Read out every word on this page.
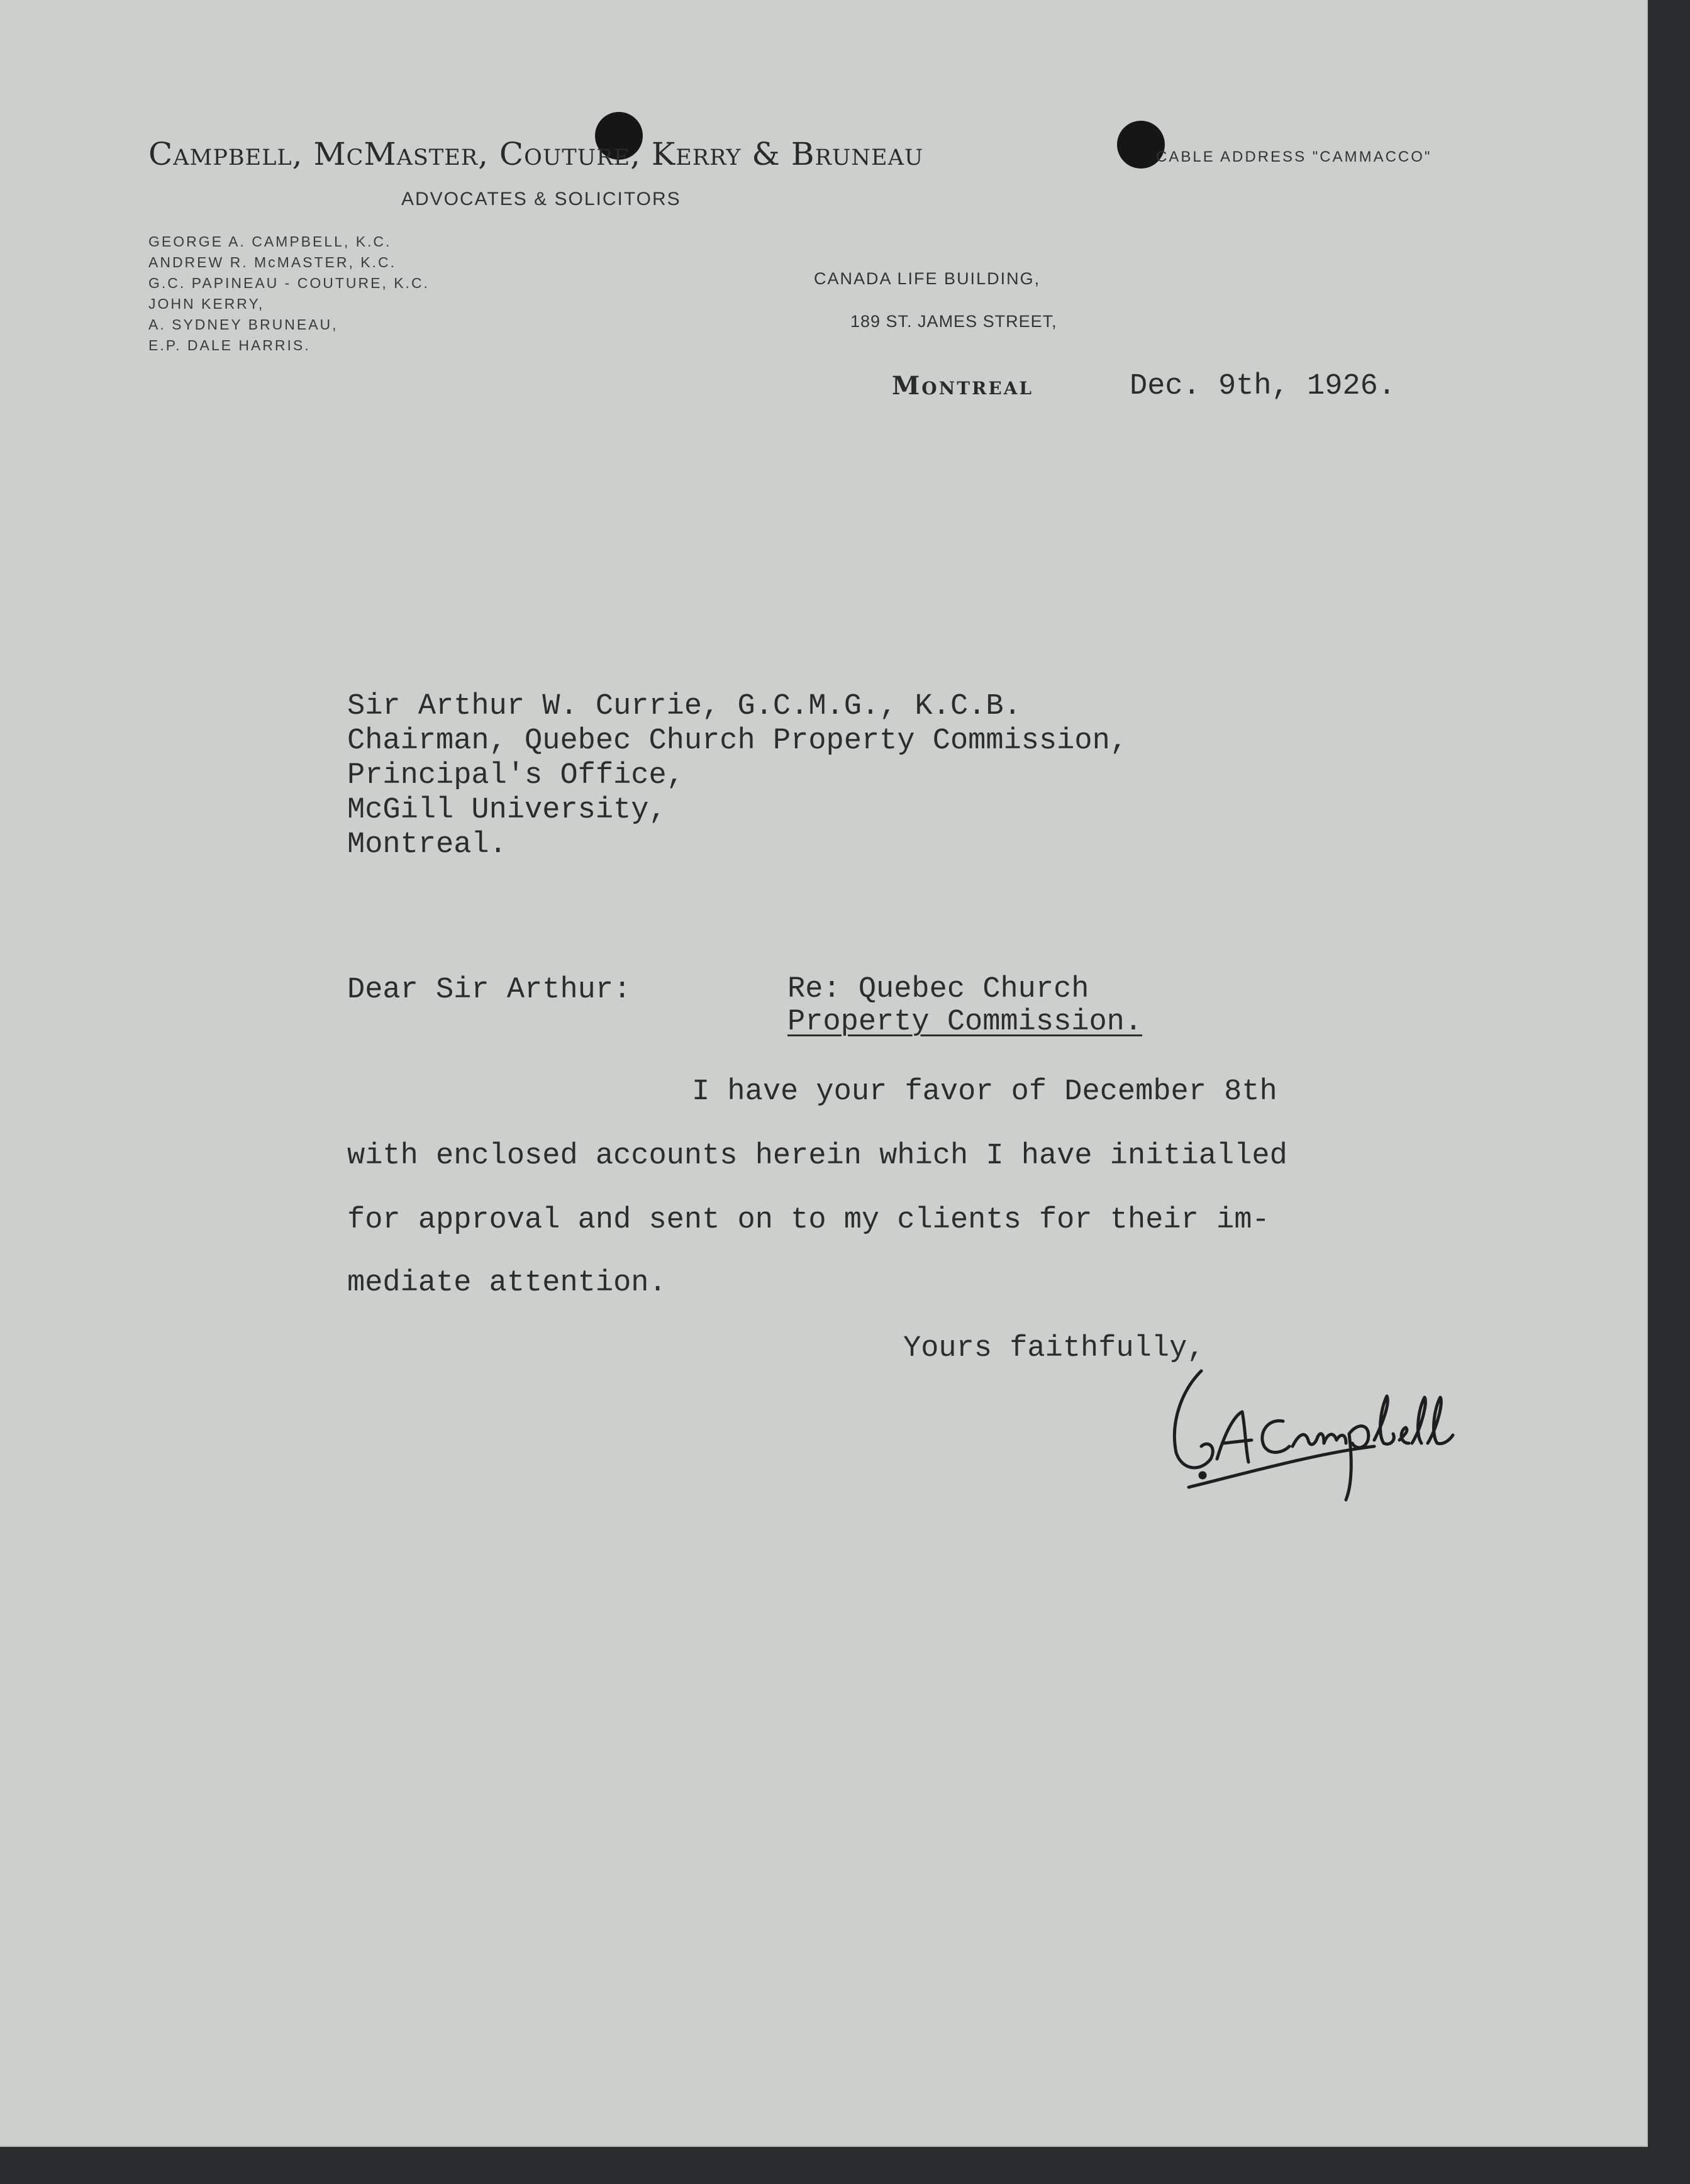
Campbell, McMaster, Couture, Kerry & Bruneau
ADVOCATES & SOLICITORS
CABLE ADDRESS "CAMMACCO"
GEORGE A. CAMPBELL, K.C.
ANDREW R. McMASTER, K.C.
G.C. PAPINEAU - COUTURE, K.C.
JOHN KERRY,
A. SYDNEY BRUNEAU,
E.P. DALE HARRIS.
CANADA LIFE BUILDING,
189 ST. JAMES STREET,
Montreal	Dec. 9th, 1926.
Sir Arthur W. Currie, G.C.M.G., K.C.B.
Chairman, Quebec Church Property Commission,
Principal's Office,
McGill University,
Montreal.
Dear Sir Arthur:	Re: Quebec Church
Property Commission.
I have your favor of December 8th
with enclosed accounts herein which I have initialled
for approval and sent on to my clients for their im-
mediate attention.
Yours faithfully,
